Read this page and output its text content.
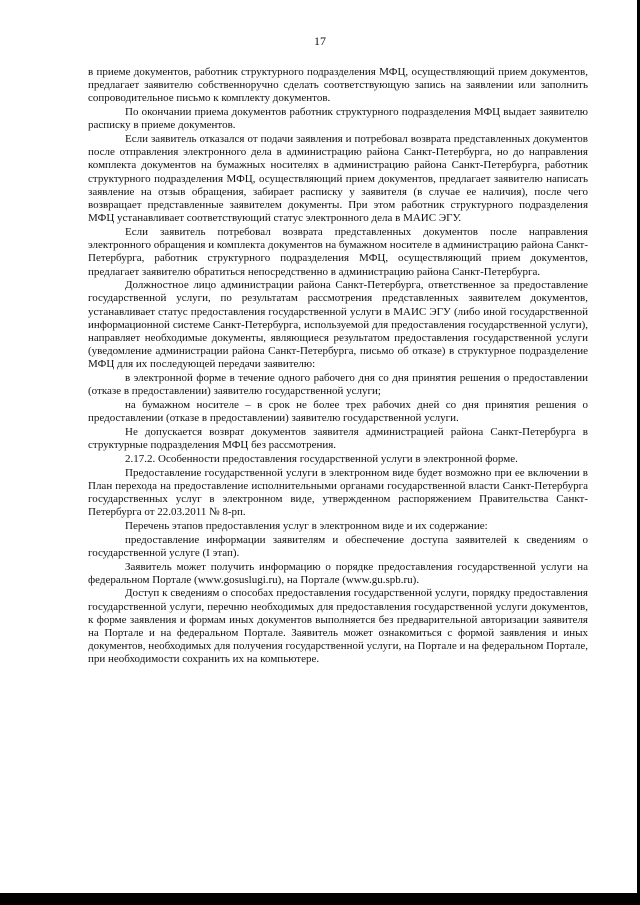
17

в приеме документов, работник структурного подразделения МФЦ, осуществляющий прием документов, предлагает заявителю собственноручно сделать соответствующую запись на заявлении или заполнить сопроводительное письмо к комплекту документов.

По окончании приема документов работник структурного подразделения МФЦ выдает заявителю расписку в приеме документов.

Если заявитель отказался от подачи заявления и потребовал возврата представленных документов после отправления электронного дела в администрацию района Санкт-Петербурга, но до направления комплекта документов на бумажных носителях в администрацию района Санкт-Петербурга, работник структурного подразделения МФЦ, осуществляющий прием документов, предлагает заявителю написать заявление на отзыв обращения, забирает расписку у заявителя (в случае ее наличия), после чего возвращает представленные заявителем документы. При этом работник структурного подразделения МФЦ устанавливает соответствующий статус электронного дела в МАИС ЭГУ.

Если заявитель потребовал возврата представленных документов после направления электронного обращения и комплекта документов на бумажном носителе в администрацию района Санкт-Петербурга, работник структурного подразделения МФЦ, осуществляющий прием документов, предлагает заявителю обратиться непосредственно в администрацию района Санкт-Петербурга.

Должностное лицо администрации района Санкт-Петербурга, ответственное за предоставление государственной услуги, по результатам рассмотрения представленных заявителем документов, устанавливает статус предоставления государственной услуги в МАИС ЭГУ (либо иной государственной информационной системе Санкт-Петербурга, используемой для предоставления государственной услуги), направляет необходимые документы, являющиеся результатом предоставления государственной услуги (уведомление администрации района Санкт-Петербурга, письмо об отказе) в структурное подразделение МФЦ для их последующей передачи заявителю:

в электронной форме в течение одного рабочего дня со дня принятия решения о предоставлении (отказе в предоставлении) заявителю государственной услуги;

на бумажном носителе – в срок не более трех рабочих дней со дня принятия решения о предоставлении (отказе в предоставлении) заявителю государственной услуги.

Не допускается возврат документов заявителя администрацией района Санкт-Петербурга в структурные подразделения МФЦ без рассмотрения.

2.17.2. Особенности предоставления государственной услуги в электронной форме.

Предоставление государственной услуги в электронном виде будет возможно при ее включении в План перехода на предоставление исполнительными органами государственной власти Санкт-Петербурга государственных услуг в электронном виде, утвержденном распоряжением Правительства Санкт-Петербурга от 22.03.2011 № 8-рп.

Перечень этапов предоставления услуг в электронном виде и их содержание:

предоставление информации заявителям и обеспечение доступа заявителей к сведениям о государственной услуге (I этап).

Заявитель может получить информацию о порядке предоставления государственной услуги на федеральном Портале (www.gosuslugi.ru), на Портале (www.gu.spb.ru).

Доступ к сведениям о способах предоставления государственной услуги, порядку предоставления государственной услуги, перечню необходимых для предоставления государственной услуги документов, к форме заявления и формам иных документов выполняется без предварительной авторизации заявителя на Портале и на федеральном Портале. Заявитель может ознакомиться с формой заявления и иных документов, необходимых для получения государственной услуги, на Портале и на федеральном Портале, при необходимости сохранить их на компьютере.
